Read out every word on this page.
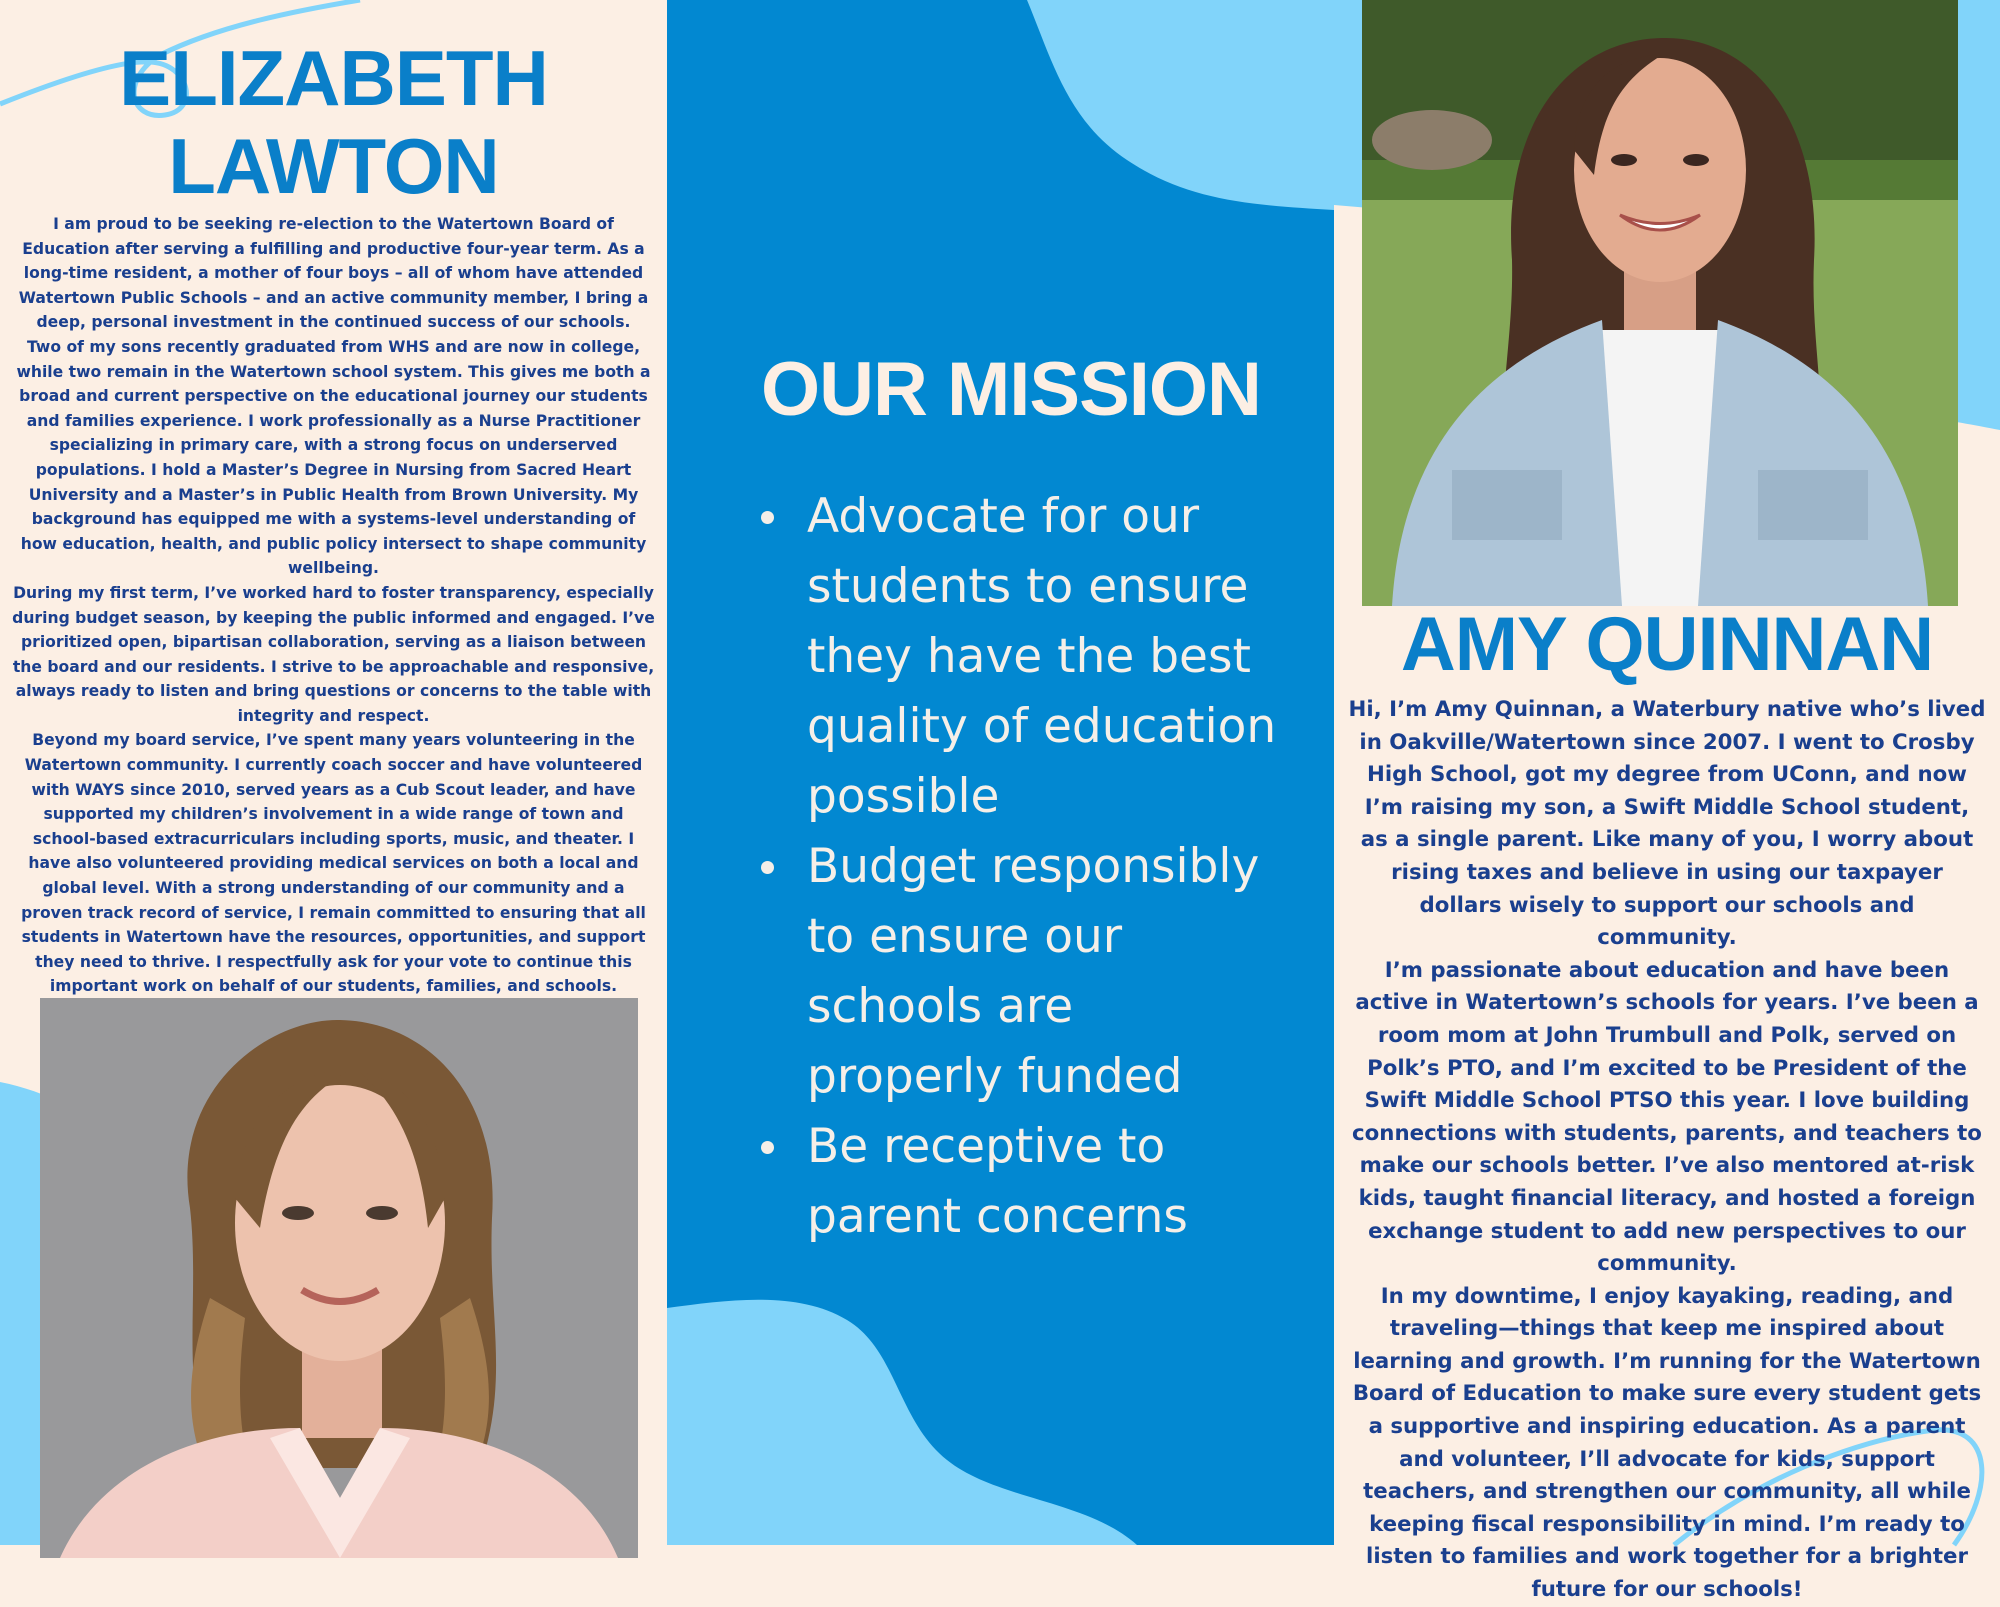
ELIZABETH
LAWTON

I am proud to be seeking re-election to the Watertown Board of Education after serving a fulfilling and productive four-year term. As a long-time resident, a mother of four boys – all of whom have attended Watertown Public Schools – and an active community member, I bring a deep, personal investment in the continued success of our schools.

Two of my sons recently graduated from WHS and are now in college, while two remain in the Watertown school system. This gives me both a broad and current perspective on the educational journey our students and families experience. I work professionally as a Nurse Practitioner specializing in primary care, with a strong focus on underserved populations. I hold a Master’s Degree in Nursing from Sacred Heart University and a Master’s in Public Health from Brown University. My background has equipped me with a systems-level understanding of how education, health, and public policy intersect to shape community wellbeing.

During my first term, I’ve worked hard to foster transparency, especially during budget season, by keeping the public informed and engaged. I’ve prioritized open, bipartisan collaboration, serving as a liaison between the board and our residents. I strive to be approachable and responsive, always ready to listen and bring questions or concerns to the table with integrity and respect.

Beyond my board service, I’ve spent many years volunteering in the Watertown community. I currently coach soccer and have volunteered with WAYS since 2010, served years as a Cub Scout leader, and have supported my children’s involvement in a wide range of town and school-based extracurriculars including sports, music, and theater. I have also volunteered providing medical services on both a local and global level. With a strong understanding of our community and a proven track record of service, I remain committed to ensuring that all students in Watertown have the resources, opportunities, and support they need to thrive. I respectfully ask for your vote to continue this important work on behalf of our students, families, and schools.

OUR MISSION
Advocate for our students to ensure they have the best quality of education possible
Budget responsibly to ensure our schools are properly funded
Be receptive to parent concerns
AMY QUINNAN

Hi, I’m Amy Quinnan, a Waterbury native who’s lived in Oakville/Watertown since 2007. I went to Crosby High School, got my degree from UConn, and now I’m raising my son, a Swift Middle School student, as a single parent. Like many of you, I worry about rising taxes and believe in using our taxpayer dollars wisely to support our schools and community.

I’m passionate about education and have been active in Watertown’s schools for years. I’ve been a room mom at John Trumbull and Polk, served on Polk’s PTO, and I’m excited to be President of the Swift Middle School PTSO this year. I love building connections with students, parents, and teachers to make our schools better. I’ve also mentored at-risk kids, taught financial literacy, and hosted a foreign exchange student to add new perspectives to our community.

In my downtime, I enjoy kayaking, reading, and traveling—things that keep me inspired about learning and growth. I’m running for the Watertown Board of Education to make sure every student gets a supportive and inspiring education. As a parent and volunteer, I’ll advocate for kids, support teachers, and strengthen our community, all while keeping fiscal responsibility in mind. I’m ready to listen to families and work together for a brighter future for our schools!
